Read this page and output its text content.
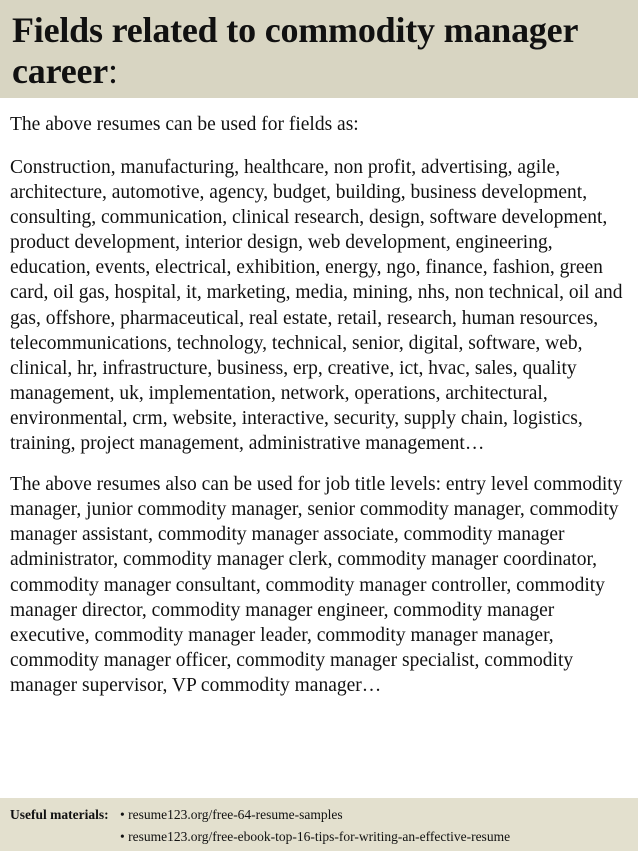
Fields related to commodity manager career:

The above resumes can be used for fields as:

Construction, manufacturing, healthcare, non profit, advertising, agile, architecture, automotive, agency, budget, building, business development, consulting, communication, clinical research, design, software development, product development, interior design, web development, engineering, education, events, electrical, exhibition, energy, ngo, finance, fashion, green card, oil gas, hospital, it, marketing, media, mining, nhs, non technical, oil and gas, offshore, pharmaceutical, real estate, retail, research, human resources, telecommunications, technology, technical, senior, digital, software, web, clinical, hr, infrastructure, business, erp, creative, ict, hvac, sales, quality management, uk, implementation, network, operations, architectural, environmental, crm, website, interactive, security, supply chain, logistics, training, project management, administrative management…

The above resumes also can be used for job title levels: entry level commodity manager, junior commodity manager, senior commodity manager, commodity manager assistant, commodity manager associate, commodity manager administrator, commodity manager clerk, commodity manager coordinator, commodity manager consultant, commodity manager controller, commodity manager director, commodity manager engineer, commodity manager executive, commodity manager leader, commodity manager manager, commodity manager officer, commodity manager specialist, commodity manager supervisor, VP commodity manager…

Useful materials: • resume123.org/free-64-resume-samples
• resume123.org/free-ebook-top-16-tips-for-writing-an-effective-resume
